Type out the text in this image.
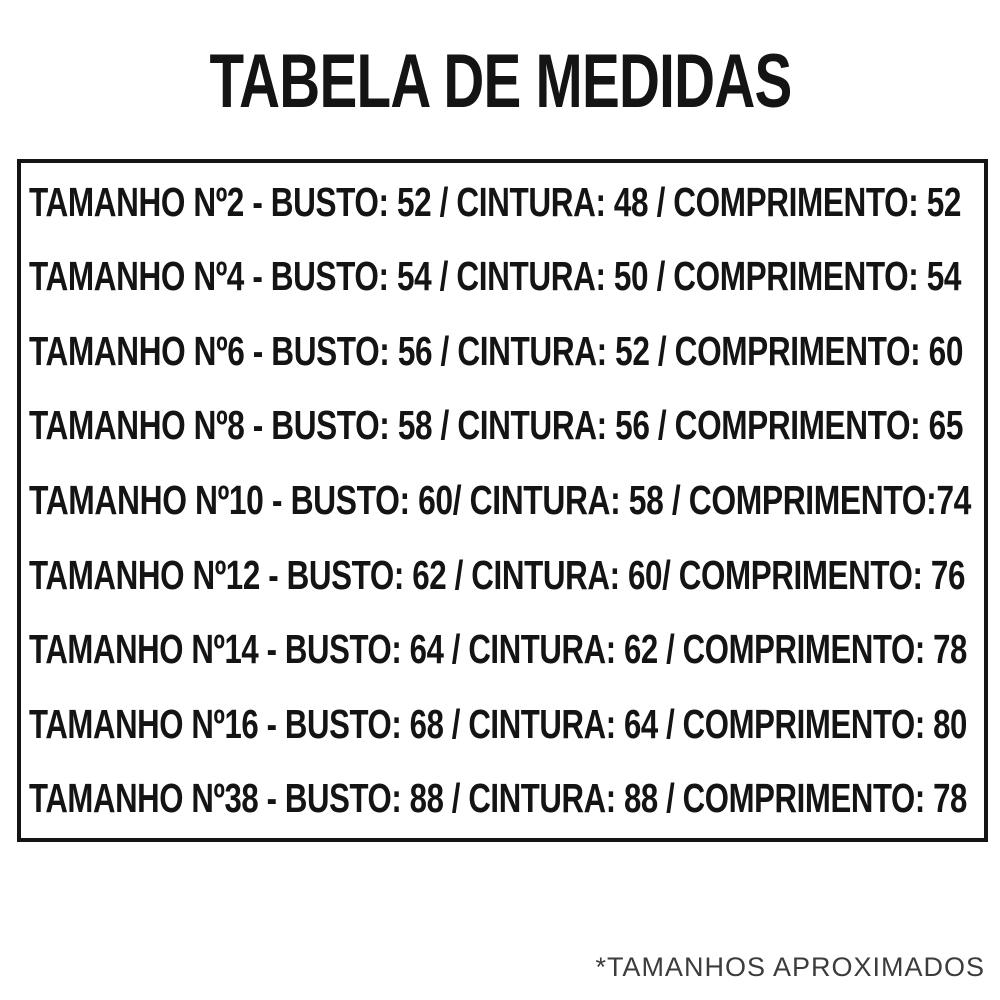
TABELA DE MEDIDAS
TAMANHO Nº2 - BUSTO: 52 / CINTURA: 48 / COMPRIMENTO: 52
TAMANHO Nº4 - BUSTO: 54 / CINTURA: 50 / COMPRIMENTO: 54
TAMANHO Nº6 - BUSTO: 56 / CINTURA: 52 / COMPRIMENTO: 60
TAMANHO Nº8 - BUSTO: 58 / CINTURA: 56 / COMPRIMENTO: 65
TAMANHO Nº10 - BUSTO: 60/ CINTURA: 58 / COMPRIMENTO:74
TAMANHO Nº12 - BUSTO: 62 / CINTURA: 60/ COMPRIMENTO: 76
TAMANHO Nº14 - BUSTO: 64 / CINTURA: 62 / COMPRIMENTO: 78
TAMANHO Nº16 - BUSTO: 68 / CINTURA: 64 / COMPRIMENTO: 80
TAMANHO Nº38 - BUSTO: 88 / CINTURA: 88 / COMPRIMENTO: 78
*TAMANHOS APROXIMADOS
